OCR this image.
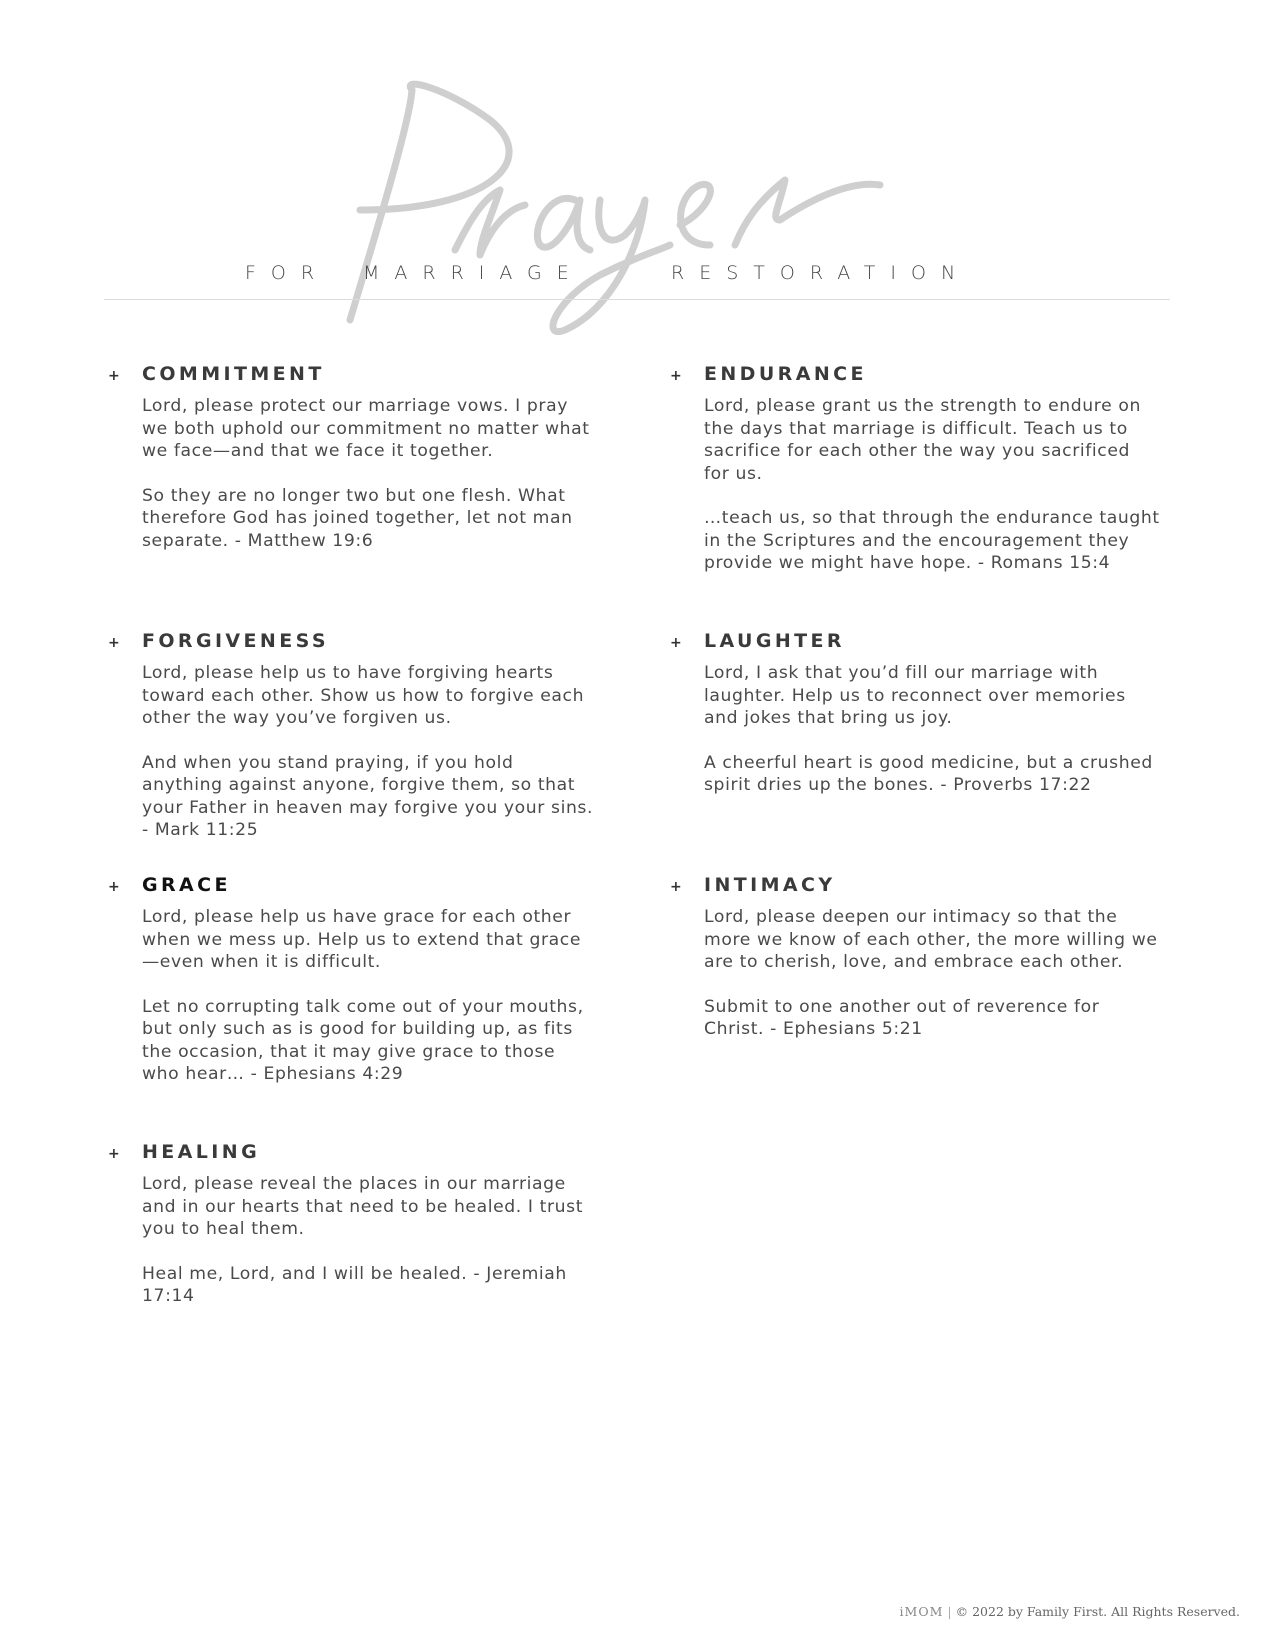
FOR MARRIAGE	RESTORATION
+ COMMITMENT

Lord, please protect our marriage vows. I pray we both uphold our commitment no matter what we face—and that we face it together.

So they are no longer two but one flesh. What therefore God has joined together, let not man separate. - Matthew 19:6

+ FORGIVENESS

Lord, please help us to have forgiving hearts toward each other. Show us how to forgive each other the way you’ve forgiven us.

And when you stand praying, if you hold anything against anyone, forgive them, so that your Father in heaven may forgive you your sins. - Mark 11:25

+ GRACE

Lord, please help us have grace for each other when we mess up. Help us to extend that grace—even when it is difficult.

Let no corrupting talk come out of your mouths, but only such as is good for building up, as fits the occasion, that it may give grace to those who hear… - Ephesians 4:29

+ HEALING

Lord, please reveal the places in our marriage and in our hearts that need to be healed. I trust you to heal them.

Heal me, Lord, and I will be healed. - Jeremiah 17:14

+ ENDURANCE

Lord, please grant us the strength to endure on the days that marriage is difficult. Teach us to sacrifice for each other the way you sacrificed for us.

…teach us, so that through the endurance taught in the Scriptures and the encouragement they provide we might have hope. - Romans 15:4

+ LAUGHTER

Lord, I ask that you’d fill our marriage with laughter. Help us to reconnect over memories and jokes that bring us joy.

A cheerful heart is good medicine, but a crushed spirit dries up the bones. - Proverbs 17:22

+ INTIMACY

Lord, please deepen our intimacy so that the more we know of each other, the more willing we are to cherish, love, and embrace each other.

Submit to one another out of reverence for Christ. - Ephesians 5:21

iMOM | © 2022 by Family First. All Rights Reserved.
